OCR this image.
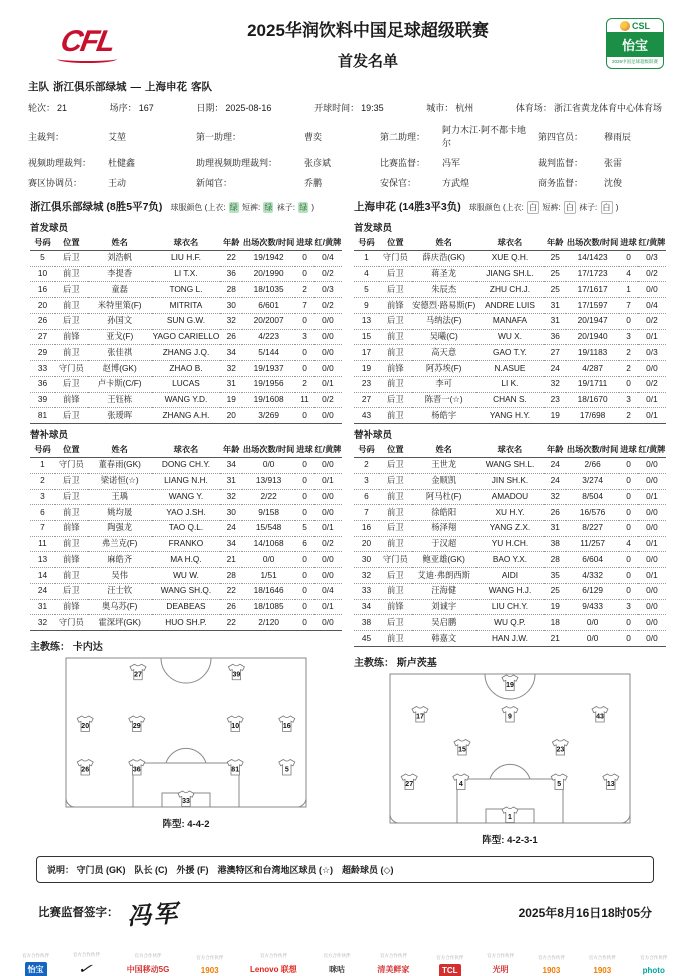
CFL	2025华润饮料中国足球超级联赛
首发名单
CSL
怡宝
2025中国足球超级联赛
主队 浙江俱乐部绿城 — 上海申花 客队
轮次： 21	场序： 167	日期： 2025-08-16	开球时间： 19:35	城市： 杭州	体育场： 浙江省黄龙体育中心体育场
主裁判：	艾堃	第一助理：	曹奕	第二助理：
阿力木江·阿不都卡地尔
第四官员：	穆雨辰
视频助理裁判：	杜健鑫	助理视频助理裁判：	张彦斌	比赛监督：	冯军	裁判监督：	张雷
赛区协调员：	王动	新闻官：	乔鹏	安保官：	方武煌	商务监督：	沈俊
浙江俱乐部绿城 (8胜5平7负) 球服颜色 (上衣: 绿 短裤: 绿 袜子: 绿 )
首发球员
号码	位置	姓名	球衣名	年龄	出场次数/时间	进球	红/黄牌
5	后卫	刘浩帆	LIU H.F.	22	19/1942	0	0/4
10	前卫	李提香	LI T.X.	36	20/1990	0	0/2
16	后卫	童磊	TONG L.	28	18/1035	2	0/3
20	前卫	米特里策(F)	MITRITA	30	6/601	7	0/2
26	后卫	孙国文	SUN G.W.	32	20/2007	0	0/0
27	前锋	亚戈(F)	YAGO CARIELLO	26	4/223	3	0/0
29	前卫	张佳祺	ZHANG J.Q.	34	5/144	0	0/0
33	守门员	赵博(GK)	ZHAO B.	32	19/1937	0	0/0
36	后卫	卢卡斯(C/F)	LUCAS	31	19/1956	2	0/1
39	前锋	王钰栋	WANG Y.D.	19	19/1608	11	0/2
81	后卫	张瑷晖	ZHANG A.H.	20	3/269	0	0/0
替补球员
号码	位置	姓名	球衣名	年龄	出场次数/时间	进球	红/黄牌
1	守门员	董春雨(GK)	DONG CH.Y.	34	0/0	0	0/0
2	后卫	梁诺恒(☆)	LIANG N.H.	31	13/913	0	0/1
3	后卫	王瑀	WANG Y.	32	2/22	0	0/0
6	前卫	姚均晟	YAO J.SH.	30	9/158	0	0/0
7	前锋	陶强龙	TAO Q.L.	24	15/548	5	0/1
11	前卫	弗兰克(F)	FRANKO	34	14/1068	6	0/2
13	前锋	麻皓齐	MA H.Q.	21	0/0	0	0/0
14	前卫	吴伟	WU W.	28	1/51	0	0/0
24	后卫	汪士钦	WANG SH.Q.	22	18/1646	0	0/4
31	前锋	奥乌苏(F)	DEABEAS	26	18/1085	0	0/1
32	守门员	霍深坪(GK)	HUO SH.P.	22	2/120	0	0/0
主教练： 卡内达
27	39
20	29	10	16
26	36	81	5
33
阵型: 4-4-2
上海申花 (14胜3平3负) 球服颜色 (上衣: 白 短裤: 白 袜子: 白 )
首发球员
号码	位置	姓名	球衣名	年龄	出场次数/时间	进球	红/黄牌
1	守门员	薛庆浩(GK)	XUE Q.H.	25	14/1423	0	0/3
4	后卫	蒋圣龙	JIANG SH.L.	25	17/1723	4	0/2
5	后卫	朱辰杰	ZHU CH.J.	25	17/1617	1	0/0
9	前锋	安德烈·路易斯(F)	ANDRE LUIS	31	17/1597	7	0/4
13	后卫	马纳法(F)	MANAFA	31	20/1947	0	0/2
15	前卫	吴曦(C)	WU X.	36	20/1940	3	0/1
17	前卫	高天意	GAO T.Y.	27	19/1183	2	0/3
19	前锋	阿苏埃(F)	N.ASUE	24	4/287	2	0/0
23	前卫	李可	LI K.	32	19/1711	0	0/2
27	后卫	陈晋一(☆)	CHAN S.	23	18/1670	3	0/1
43	前卫	杨皓宇	YANG H.Y.	19	17/698	2	0/1
替补球员
号码	位置	姓名	球衣名	年龄	出场次数/时间	进球	红/黄牌
2	后卫	王世龙	WANG SH.L.	24	2/66	0	0/0
3	后卫	金顺凯	JIN SH.K.	24	3/274	0	0/0
6	前卫	阿马杜(F)	AMADOU	32	8/504	0	0/1
7	前卫	徐皓阳	XU H.Y.	26	16/576	0	0/0
16	后卫	杨泽翔	YANG Z.X.	31	8/227	0	0/0
20	前卫	于汉超	YU H.CH.	38	11/257	4	0/1
30	守门员	鲍亚雄(GK)	BAO Y.X.	28	6/604	0	0/0
32	后卫	艾迪·弗朗西斯	AIDI	35	4/332	0	0/1
33	前卫	汪海健	WANG H.J.	25	6/129	0	0/0
34	前锋	刘诚宇	LIU CH.Y.	19	9/433	3	0/0
38	后卫	吴启鹏	WU Q.P.	18	0/0	0	0/0
45	前卫	韩嘉文	HAN J.W.	21	0/0	0	0/0
主教练： 斯卢茨基
19
17	9	43
15	23
27	4	5	13
1
阵型: 4-2-3-1
说明： 守门员 (GK)　队长 (C)　外援 (F)　港澳特区和台湾地区球员 (☆)　超龄球员 (◇)
比赛监督签字： 冯军	2025年8月16日18时05分
官方合作伙伴
怡宝
官方合作伙伴
✓
官方合作伙伴
中国移动5G
官方合作伙伴
1903
官方合作伙伴
Lenovo 联想
官方合作伙伴
咪咕
官方合作伙伴
清美鲜家
官方合作伙伴
TCL
官方合作伙伴
光明
官方合作伙伴
1903
官方合作伙伴
1903
官方合作伙伴
photo
